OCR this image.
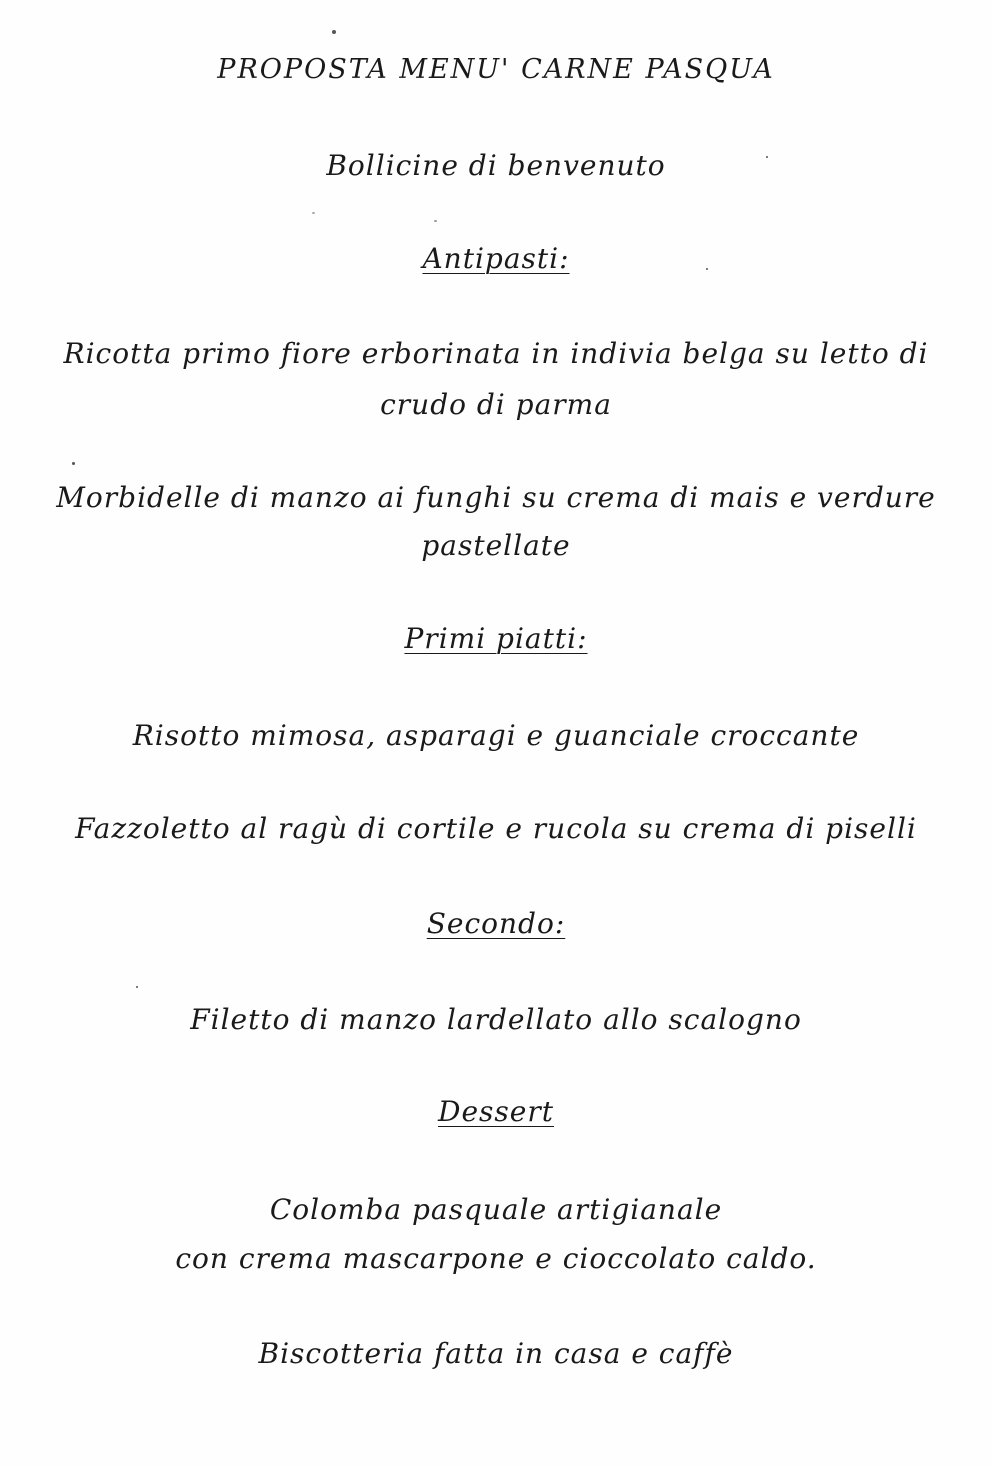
PROPOSTA MENU' CARNE PASQUA
Bollicine di benvenuto
Antipasti:
Ricotta primo fiore erborinata in indivia belga su letto di
crudo di parma
Morbidelle di manzo ai funghi su crema di mais e verdure
pastellate
Primi piatti:
Risotto mimosa, asparagi e guanciale croccante
Fazzoletto al ragù di cortile e rucola su crema di piselli
Secondo:
Filetto di manzo lardellato allo scalogno
Dessert
Colomba pasquale artigianale
con crema mascarpone e cioccolato caldo.
Biscotteria fatta in casa e caffè
